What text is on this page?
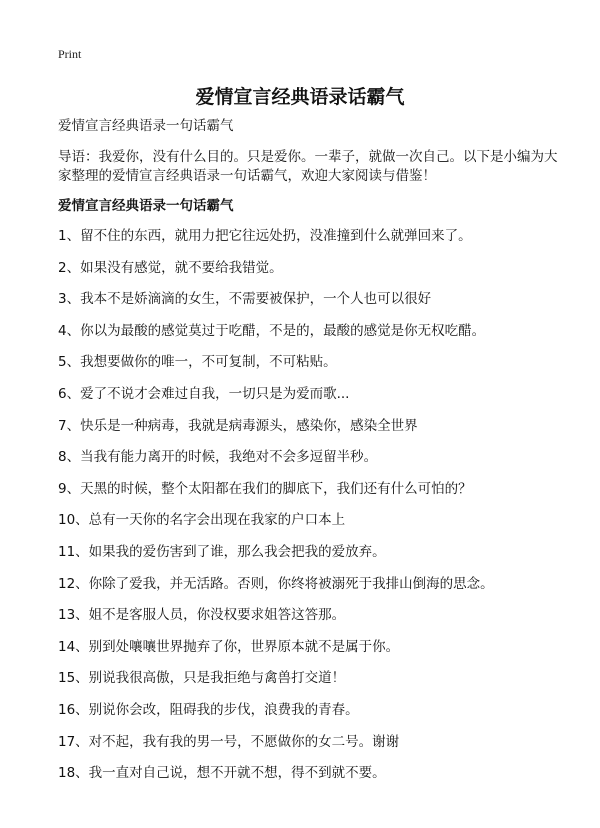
Print
爱情宣言经典语录话霸气

爱情宣言经典语录一句话霸气

导语：我爱你，没有什么目的。只是爱你。一辈子，就做一次自己。以下是小编为大家整理的爱情宣言经典语录一句话霸气，欢迎大家阅读与借鉴！

爱情宣言经典语录一句话霸气

1、留不住的东西，就用力把它往远处扔，没准撞到什么就弹回来了。
2、如果没有感觉，就不要给我错觉。
3、我本不是娇滴滴的女生，不需要被保护，一个人也可以很好
4、你以为最酸的感觉莫过于吃醋，不是的，最酸的感觉是你无权吃醋。
5、我想要做你的唯一，不可复制，不可粘贴。
6、爱了不说才会难过自我，一切只是为爱而歌...
7、快乐是一种病毒，我就是病毒源头，感染你，感染全世界
8、当我有能力离开的时候，我绝对不会多逗留半秒。
9、天黑的时候，整个太阳都在我们的脚底下，我们还有什么可怕的？
10、总有一天你的名字会出现在我家的户口本上
11、如果我的爱伤害到了谁，那么我会把我的爱放弃。
12、你除了爱我，并无活路。否则，你终将被溺死于我排山倒海的思念。
13、姐不是客服人员，你没权要求姐答这答那。
14、别到处嚷嚷世界抛弃了你，世界原本就不是属于你。
15、别说我很高傲，只是我拒绝与禽兽打交道！
16、别说你会改，阻碍我的步伐，浪费我的青春。
17、对不起，我有我的男一号，不愿做你的女二号。谢谢
18、我一直对自己说，想不开就不想，得不到就不要。
